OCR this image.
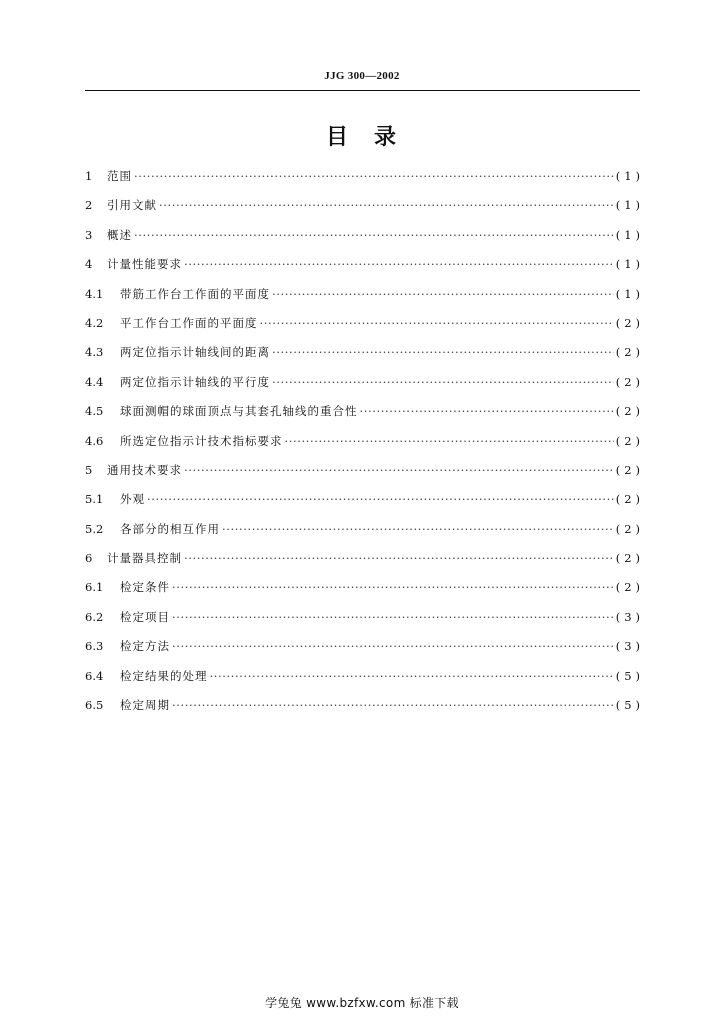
JJG 300—2002
目　录
1	范围 ·····	(1)
2	引用文献 ·····	(1)
3	概述 ·····	(1)
4	计量性能要求 ·····	(1)
4.1	带筋工作台工作面的平面度 ·····	(1)
4.2	平工作台工作面的平面度 ·····	(2)
4.3	两定位指示计轴线间的距离 ·····	(2)
4.4	两定位指示计轴线的平行度 ·····	(2)
4.5	球面测帽的球面顶点与其套孔轴线的重合性 ·····	(2)
4.6	所选定位指示计技术指标要求 ·····	(2)
5	通用技术要求 ·····	(2)
5.1	外观 ·····	(2)
5.2	各部分的相互作用 ·····	(2)
6	计量器具控制 ·····	(2)
6.1	检定条件 ·····	(2)
6.2	检定项目 ·····	(3)
6.3	检定方法 ·····	(3)
6.4	检定结果的处理 ·····	(5)
6.5	检定周期 ·····	(5)
学兔兔 www.bzfxw.com 标准下载
